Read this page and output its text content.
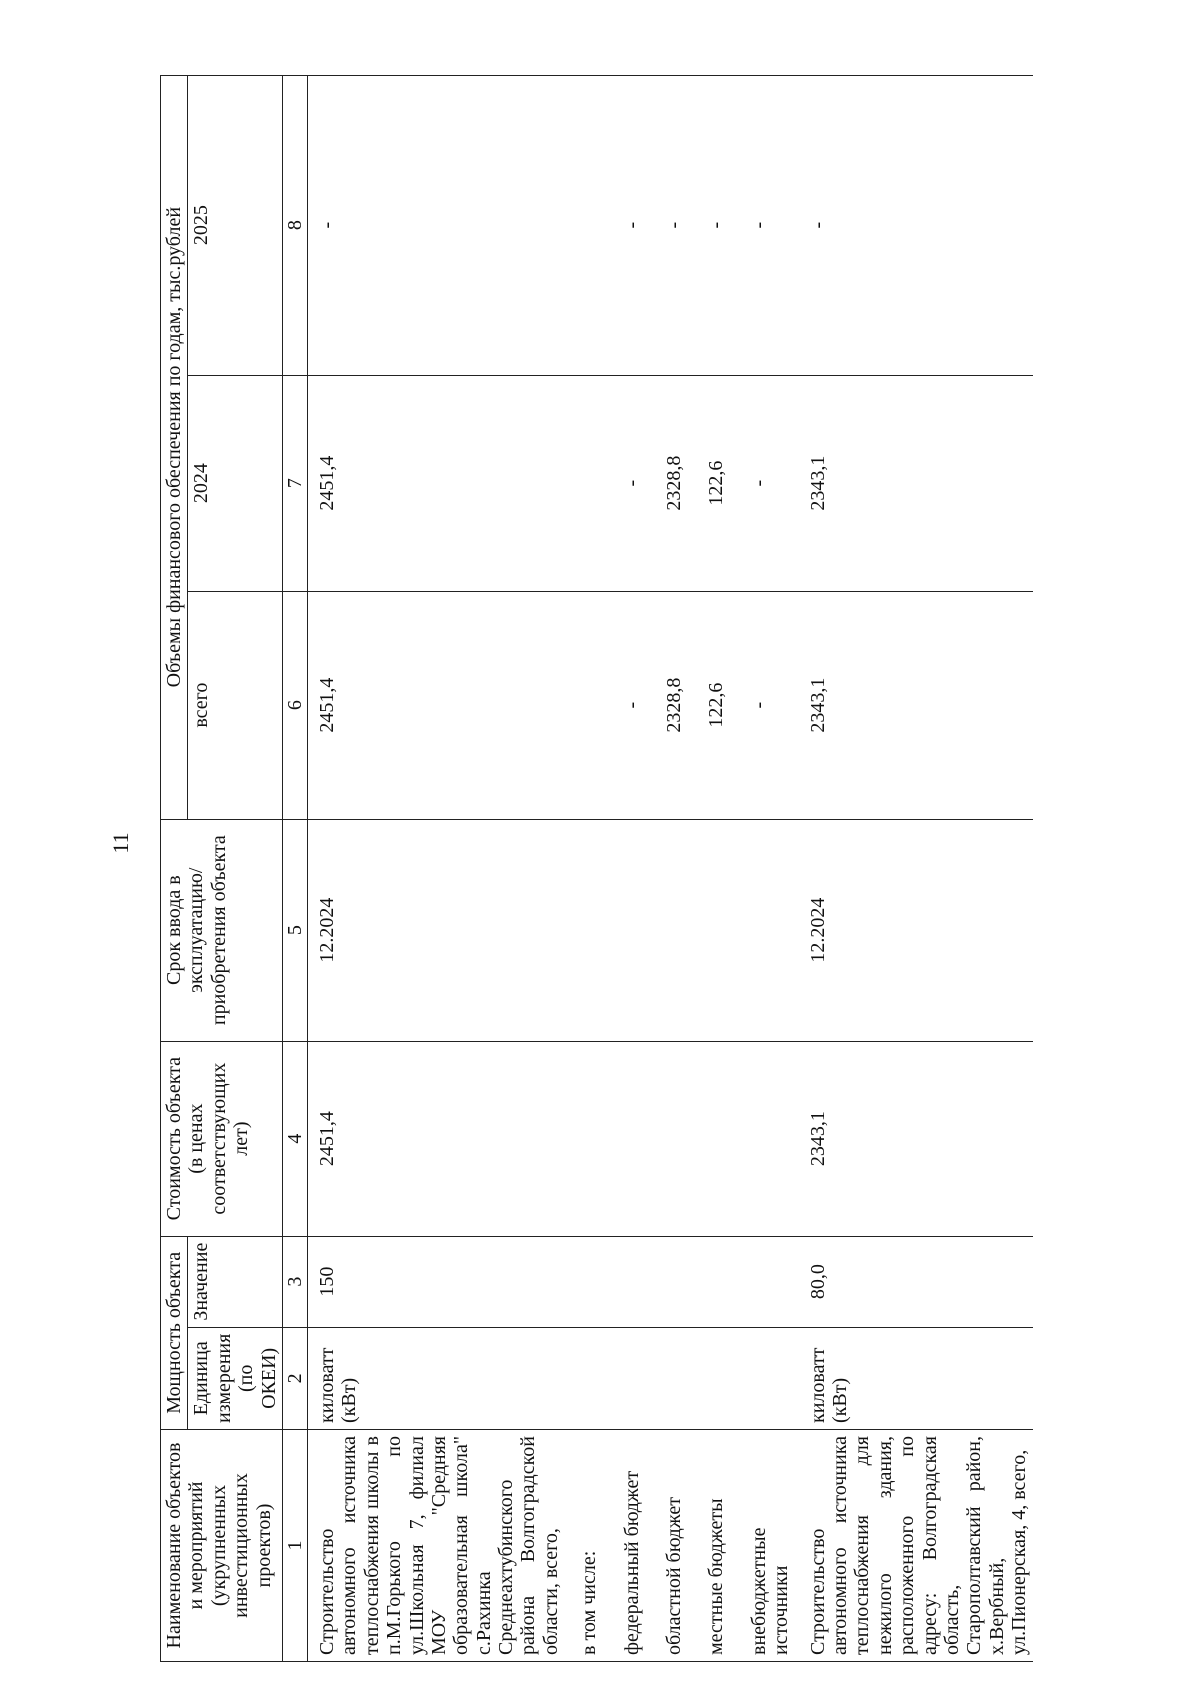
11
Наименование объектов и мероприятий (укрупненных инвестиционных проектов)	Мощность объекта		Стоимость объекта (в ценах соответствующих лет)	Срок ввода в эксплуатацию/ приобретения объекта	Объемы финансового обеспечения по годам, тыс.рублей		
	Единица измерения (по ОКЕИ)	Значение			всего	2024	2025
1	2	3	4	5	6	7	8
Строительство автономного источника теплоснабжения школы в п.М.Горького по ул.Школьная 7, филиал МОУ "Средняя образовательная школа" с.Рахинка Среднеахтубинского района Волгоградской области, всего,	киловатт (кВт)	150	2451,4	12.2024	2451,4	2451,4	-
в том числе:							
федеральный бюджет					-	-	-
областной бюджет					2328,8	2328,8	-
местные бюджеты					122,6	122,6	-
внебюджетные источники					-	-	-
Строительство автономного источника теплоснабжения для нежилого здания, расположенного по адресу: Волгоградская область, Старополтавский район, х.Вербный, ул.Пионерская, 4, всего,	киловатт (кВт)	80,0	2343,1	12.2024	2343,1	2343,1	-
